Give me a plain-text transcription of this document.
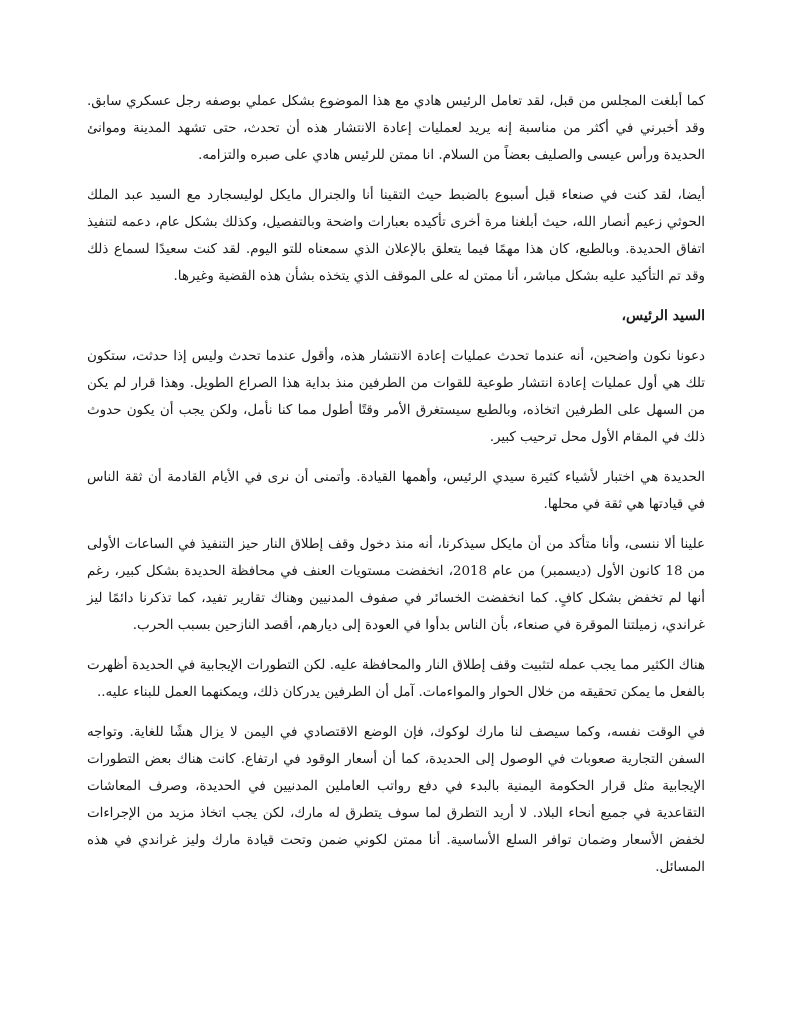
كما أبلغت المجلس من قبل، لقد تعامل الرئيس هادي مع هذا الموضوع بشكل عملي بوصفه رجل عسكري سابق. وقد أخبرني في أكثر من مناسبة إنه يريد لعمليات إعادة الانتشار هذه أن تحدث، حتى تشهد المدينة وموانئ الحديدة ورأس عيسى والصليف بعضاً من السلام. انا ممتن للرئيس هادي على صبره والتزامه.

أيضا، لقد كنت في صنعاء قبل أسبوع بالضبط حيث التقينا أنا والجنرال مايكل لوليسجارد مع السيد عبد الملك الحوثي زعيم أنصار الله، حيث أبلغنا مرة أخرى تأكيده بعبارات واضحة وبالتفصيل، وكذلك بشكل عام، دعمه لتنفيذ اتفاق الحديدة. وبالطبع، كان هذا مهمًا فيما يتعلق بالإعلان الذي سمعناه للتو اليوم. لقد كنت سعيدًا لسماع ذلك وقد تم التأكيد عليه بشكل مباشر، أنا ممتن له على الموقف الذي يتخذه بشأن هذه القضية وغيرها.

السيد الرئيس،

دعونا نكون واضحين، أنه عندما تحدث عمليات إعادة الانتشار هذه، وأقول عندما تحدث وليس إذا حدثت، ستكون تلك هي أول عمليات إعادة انتشار طوعية للقوات من الطرفين منذ بداية هذا الصراع الطويل. وهذا قرار لم يكن من السهل على الطرفين اتخاذه، وبالطبع سيستغرق الأمر وقتًا أطول مما كنا نأمل، ولكن يجب أن يكون حدوث ذلك في المقام الأول محل ترحيب كبير.

الحديدة هي اختبار لأشياء كثيرة سيدي الرئيس، وأهمها القيادة. وأتمنى أن نرى في الأيام القادمة أن ثقة الناس في قيادتها هي ثقة في محلها.

علينا ألا ننسى، وأنا متأكد من أن مايكل سيذكرنا، أنه منذ دخول وقف إطلاق النار حيز التنفيذ في الساعات الأولى من 18 كانون الأول (ديسمبر) من عام 2018، انخفضت مستويات العنف في محافظة الحديدة بشكل كبير، رغم أنها لم تخفض بشكل كافٍ. كما انخفضت الخسائر في صفوف المدنيين وهناك تقارير تفيد، كما تذكرنا دائمًا ليز غراندي، زميلتنا الموقرة في صنعاء، بأن الناس بدأوا في العودة إلى ديارهم، أقصد النازحين بسبب الحرب.

هناك الكثير مما يجب عمله لتثبيت وقف إطلاق النار والمحافظة عليه. لكن التطورات الإيجابية في الحديدة أظهرت بالفعل ما يمكن تحقيقه من خلال الحوار والمواءمات. آمل أن الطرفين يدركان ذلك، ويمكنهما العمل للبناء عليه..

في الوقت نفسه، وكما سيصف لنا مارك لوكوك، فإن الوضع الاقتصادي في اليمن لا يزال هشًا للغاية. وتواجه السفن التجارية صعوبات في الوصول إلى الحديدة، كما أن أسعار الوقود في ارتفاع. كانت هناك بعض التطورات الإيجابية مثل قرار الحكومة اليمنية بالبدء في دفع رواتب العاملين المدنيين في الحديدة، وصرف المعاشات التقاعدية في جميع أنحاء البلاد. لا أريد التطرق لما سوف يتطرق له مارك، لكن يجب اتخاذ مزيد من الإجراءات لخفض الأسعار وضمان توافر السلع الأساسية. أنا ممتن لكوني ضمن وتحت قيادة مارك وليز غراندي في هذه المسائل.
